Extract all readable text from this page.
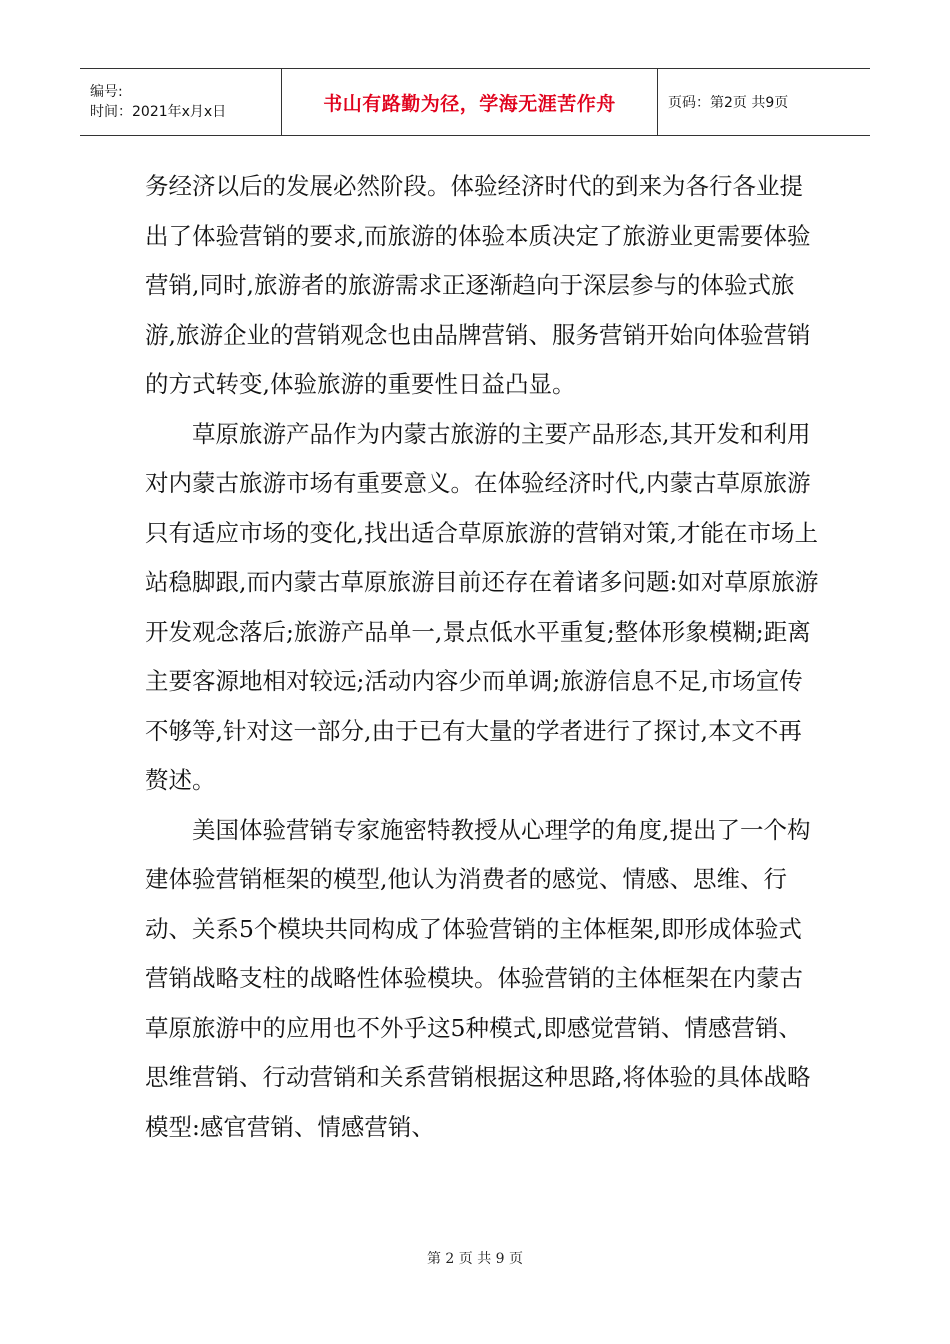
编号:
时间：2021年x月x日	书山有路勤为径，学海无涯苦作舟	页码：第2页 共9页

务经济以后的发展必然阶段。体验经济时代的到来为各行各业提出了体验营销的要求,而旅游的体验本质决定了旅游业更需要体验营销,同时,旅游者的旅游需求正逐渐趋向于深层参与的体验式旅游,旅游企业的营销观念也由品牌营销、服务营销开始向体验营销的方式转变,体验旅游的重要性日益凸显。

草原旅游产品作为内蒙古旅游的主要产品形态,其开发和利用对内蒙古旅游市场有重要意义。在体验经济时代,内蒙古草原旅游只有适应市场的变化,找出适合草原旅游的营销对策,才能在市场上站稳脚跟,而内蒙古草原旅游目前还存在着诸多问题:如对草原旅游开发观念落后;旅游产品单一,景点低水平重复;整体形象模糊;距离主要客源地相对较远;活动内容少而单调;旅游信息不足,市场宣传不够等,针对这一部分,由于已有大量的学者进行了探讨,本文不再赘述。

美国体验营销专家施密特教授从心理学的角度,提出了一个构建体验营销框架的模型,他认为消费者的感觉、情感、思维、行动、关系5个模块共同构成了体验营销的主体框架,即形成体验式营销战略支柱的战略性体验模块。体验营销的主体框架在内蒙古草原旅游中的应用也不外乎这5种模式,即感觉营销、情感营销、思维营销、行动营销和关系营销根据这种思路,将体验的具体战略模型:感官营销、情感营销、

第 2 页 共 9 页
